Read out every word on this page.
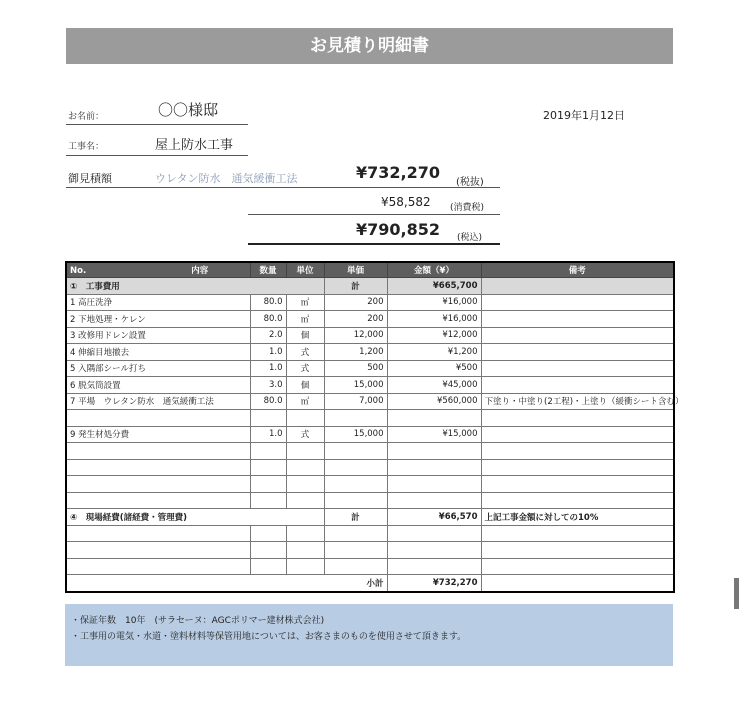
お見積り明細書
お名前：	〇〇様邸	2019年1月12日
工事名：	屋上防水工事
御見積額	ウレタン防水　通気緩衝工法	¥732,270
(税抜)
¥58,582 (消費税)
¥790,852 (税込)
No. 内容	数量	単位	単価	金額（¥）	備考
①　工事費用			計	¥665,700	
1 高圧洗浄	80.0	㎡	200	¥16,000	
2 下地処理・ケレン	80.0	㎡	200	¥16,000	
3 改修用ドレン設置	2.0	個	12,000	¥12,000	
4 伸縮目地撤去	1.0	式	1,200	¥1,200	
5 入隅部シール打ち	1.0	式	500	¥500	
6 脱気筒設置	3.0	個	15,000	¥45,000	
7 平場　ウレタン防水　通気緩衝工法	80.0	㎡	7,000	¥560,000	下塗り・中塗り(2工程)・上塗り（緩衝シート含む）

9 発生材処分費	1.0	式	15,000	¥15,000	

④　現場経費(諸経費・管理費)			計	¥66,570	上記工事金額に対しての10%

			小計	¥732,270	
・保証年数　10年　(サラセーヌ：AGCポリマー建材株式会社)
・工事用の電気・水道・塗料材料等保管用地については、お客さまのものを使用させて頂きます。
